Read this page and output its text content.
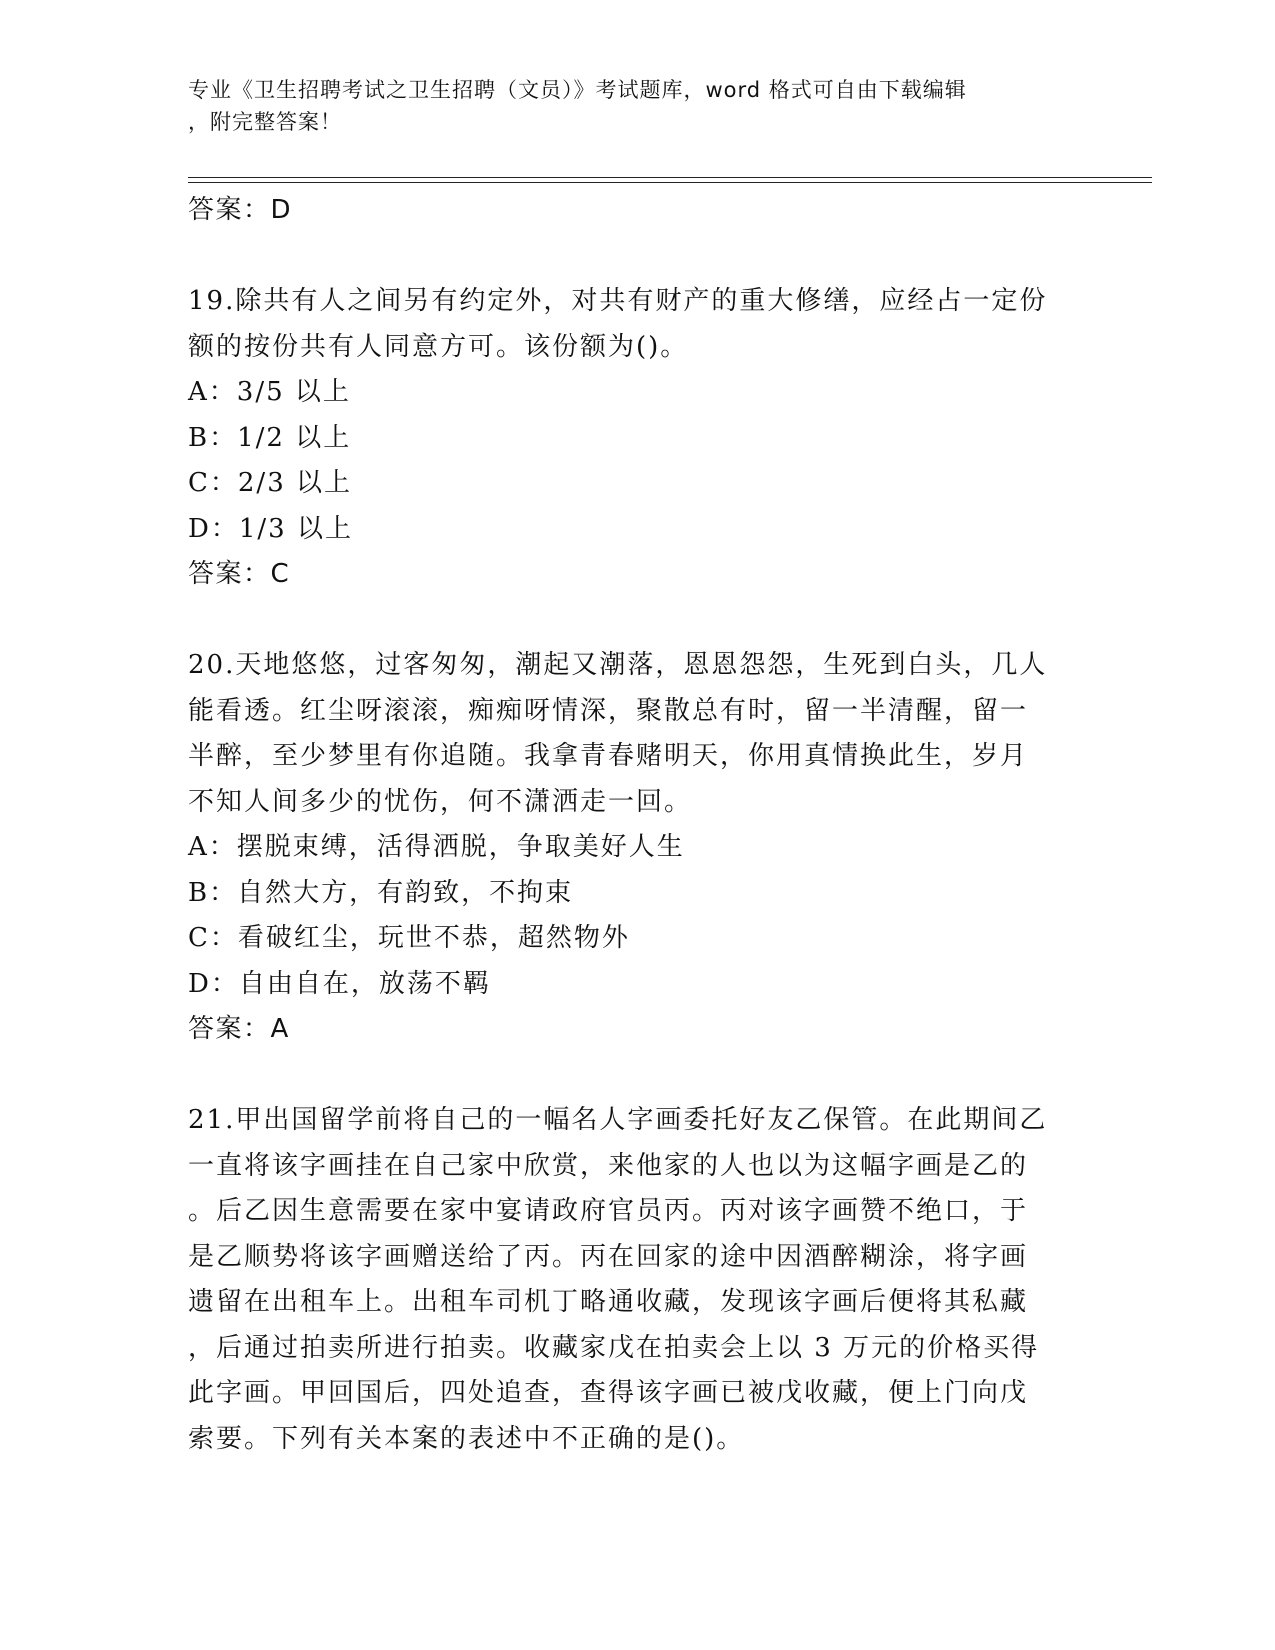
专业《卫生招聘考试之卫生招聘（文员）》考试题库，word 格式可自由下载编辑
，附完整答案！
答案：D
19.除共有人之间另有约定外，对共有财产的重大修缮，应经占一定份
额的按份共有人同意方可。该份额为()。
A：3/5 以上
B：1/2 以上
C：2/3 以上
D：1/3 以上
答案：C
20.天地悠悠，过客匆匆，潮起又潮落，恩恩怨怨，生死到白头，几人
能看透。红尘呀滚滚，痴痴呀情深，聚散总有时，留一半清醒，留一
半醉，至少梦里有你追随。我拿青春赌明天，你用真情换此生，岁月
不知人间多少的忧伤，何不潇洒走一回。
A：摆脱束缚，活得洒脱，争取美好人生
B：自然大方，有韵致，不拘束
C：看破红尘，玩世不恭，超然物外
D：自由自在，放荡不羁
答案：A
21.甲出国留学前将自己的一幅名人字画委托好友乙保管。在此期间乙
一直将该字画挂在自己家中欣赏，来他家的人也以为这幅字画是乙的
。后乙因生意需要在家中宴请政府官员丙。丙对该字画赞不绝口，于
是乙顺势将该字画赠送给了丙。丙在回家的途中因酒醉糊涂，将字画
遗留在出租车上。出租车司机丁略通收藏，发现该字画后便将其私藏
，后通过拍卖所进行拍卖。收藏家戊在拍卖会上以 3 万元的价格买得
此字画。甲回国后，四处追查，查得该字画已被戊收藏，便上门向戊
索要。下列有关本案的表述中不正确的是()。
